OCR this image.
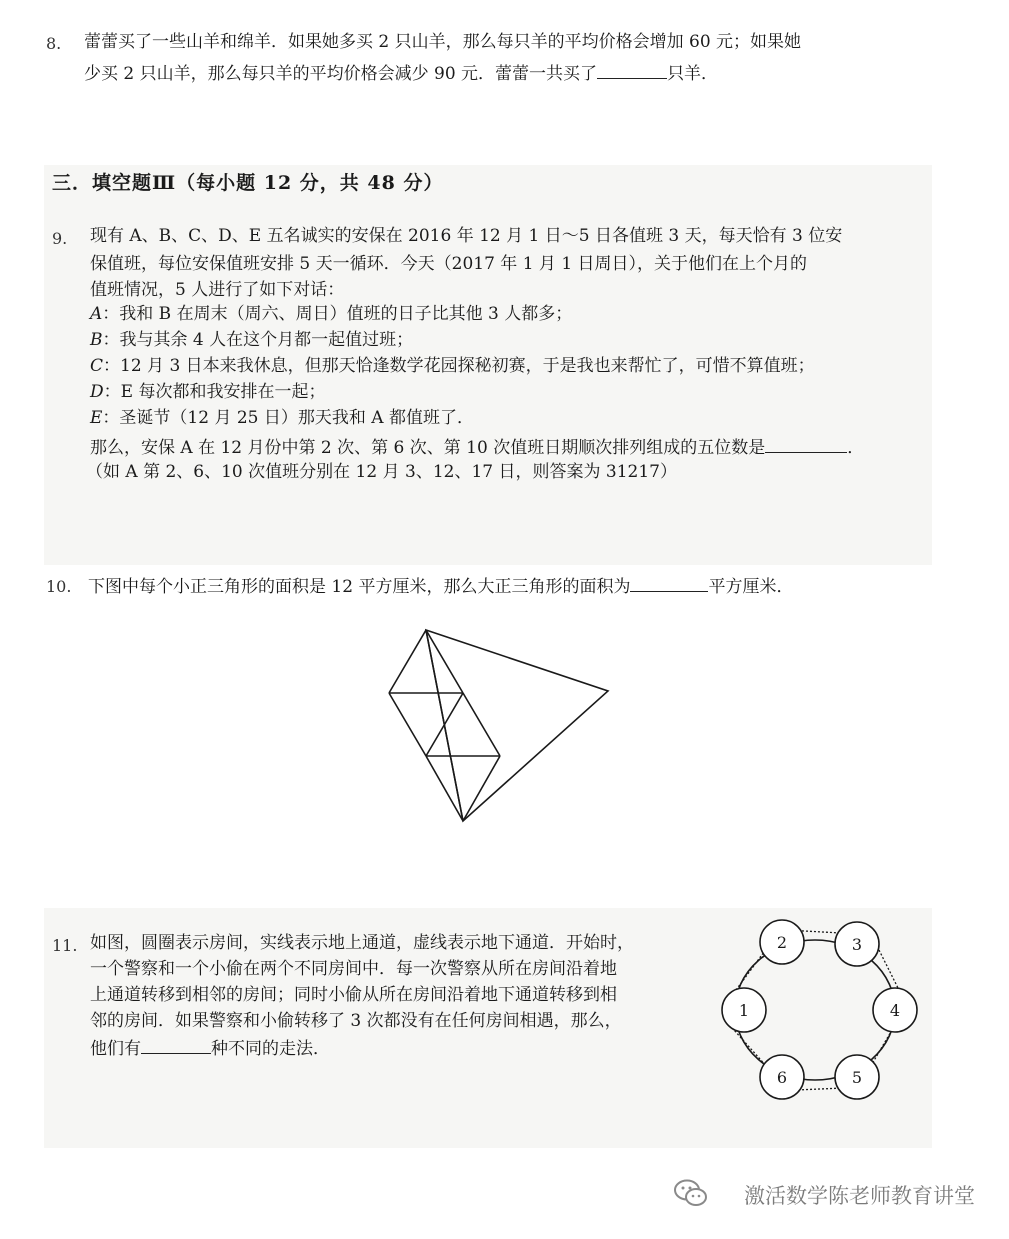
8. 蕾蕾买了一些山羊和绵羊．如果她多买 2 只山羊，那么每只羊的平均价格会增加 60 元；如果她
少买 2 只山羊，那么每只羊的平均价格会减少 90 元．蕾蕾一共买了	只羊．
三．填空题Ⅲ（每小题 12 分，共 48 分）
9. 现有 A、B、C、D、E 五名诚实的安保在 2016 年 12 月 1 日～5 日各值班 3 天，每天恰有 3 位安
保值班，每位安保值班安排 5 天一循环．今天（2017 年 1 月 1 日周日），关于他们在上个月的
值班情况，5 人进行了如下对话：
A：我和 B 在周末（周六、周日）值班的日子比其他 3 人都多；
B：我与其余 4 人在这个月都一起值过班；
C：12 月 3 日本来我休息，但那天恰逢数学花园探秘初赛，于是我也来帮忙了，可惜不算值班；
D：E 每次都和我安排在一起；
E：圣诞节（12 月 25 日）那天我和 A 都值班了．
那么，安保 A 在 12 月份中第 2 次、第 6 次、第 10 次值班日期顺次排列组成的五位数是	．
（如 A 第 2、6、10 次值班分别在 12 月 3、12、17 日，则答案为 31217）
10. 下图中每个小正三角形的面积是 12 平方厘米，那么大正三角形的面积为	平方厘米．
11. 如图，圆圈表示房间，实线表示地上通道，虚线表示地下通道．开始时，
一个警察和一个小偷在两个不同房间中．每一次警察从所在房间沿着地
上通道转移到相邻的房间；同时小偷从所在房间沿着地下通道转移到相
邻的房间．如果警察和小偷转移了 3 次都没有在任何房间相遇，那么，
他们有	种不同的走法．
1
2	3
4
5
6
激活数学陈老师教育讲堂
